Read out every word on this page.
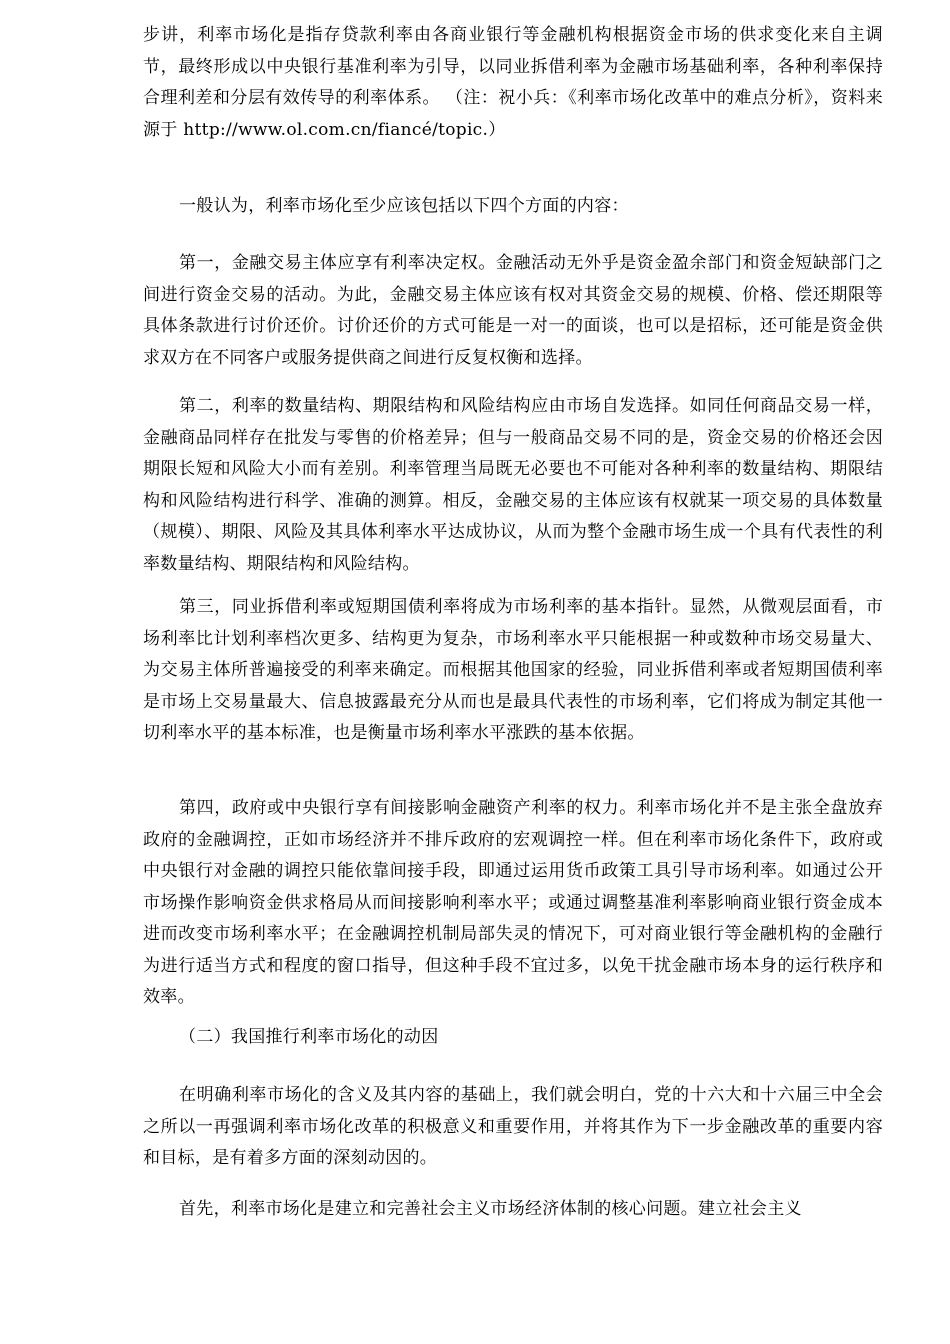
步讲，利率市场化是指存贷款利率由各商业银行等金融机构根据资金市场的供求变化来自主调节，最终形成以中央银行基准利率为引导，以同业拆借利率为金融市场基础利率，各种利率保持合理利差和分层有效传导的利率体系。 （注：祝小兵：《利率市场化改革中的难点分析》，资料来源于 http://www.ol.com.cn/fiancé/topic.）

一般认为，利率市场化至少应该包括以下四个方面的内容：

第一，金融交易主体应享有利率决定权。金融活动无外乎是资金盈余部门和资金短缺部门之间进行资金交易的活动。为此，金融交易主体应该有权对其资金交易的规模、价格、偿还期限等具体条款进行讨价还价。讨价还价的方式可能是一对一的面谈，也可以是招标，还可能是资金供求双方在不同客户或服务提供商之间进行反复权衡和选择。

第二，利率的数量结构、期限结构和风险结构应由市场自发选择。如同任何商品交易一样，金融商品同样存在批发与零售的价格差异；但与一般商品交易不同的是，资金交易的价格还会因期限长短和风险大小而有差别。利率管理当局既无必要也不可能对各种利率的数量结构、期限结构和风险结构进行科学、准确的测算。相反，金融交易的主体应该有权就某一项交易的具体数量（规模）、期限、风险及其具体利率水平达成协议，从而为整个金融市场生成一个具有代表性的利率数量结构、期限结构和风险结构。

第三，同业拆借利率或短期国债利率将成为市场利率的基本指针。显然，从微观层面看，市场利率比计划利率档次更多、结构更为复杂，市场利率水平只能根据一种或数种市场交易量大、为交易主体所普遍接受的利率来确定。而根据其他国家的经验，同业拆借利率或者短期国债利率是市场上交易量最大、信息披露最充分从而也是最具代表性的市场利率，它们将成为制定其他一切利率水平的基本标准，也是衡量市场利率水平涨跌的基本依据。

第四，政府或中央银行享有间接影响金融资产利率的权力。利率市场化并不是主张全盘放弃政府的金融调控，正如市场经济并不排斥政府的宏观调控一样。但在利率市场化条件下，政府或中央银行对金融的调控只能依靠间接手段，即通过运用货币政策工具引导市场利率。如通过公开市场操作影响资金供求格局从而间接影响利率水平；或通过调整基准利率影响商业银行资金成本进而改变市场利率水平；在金融调控机制局部失灵的情况下，可对商业银行等金融机构的金融行为进行适当方式和程度的窗口指导，但这种手段不宜过多，以免干扰金融市场本身的运行秩序和效率。

（二）我国推行利率市场化的动因

在明确利率市场化的含义及其内容的基础上，我们就会明白，党的十六大和十六届三中全会之所以一再强调利率市场化改革的积极意义和重要作用，并将其作为下一步金融改革的重要内容和目标，是有着多方面的深刻动因的。

首先，利率市场化是建立和完善社会主义市场经济体制的核心问题。建立社会主义
